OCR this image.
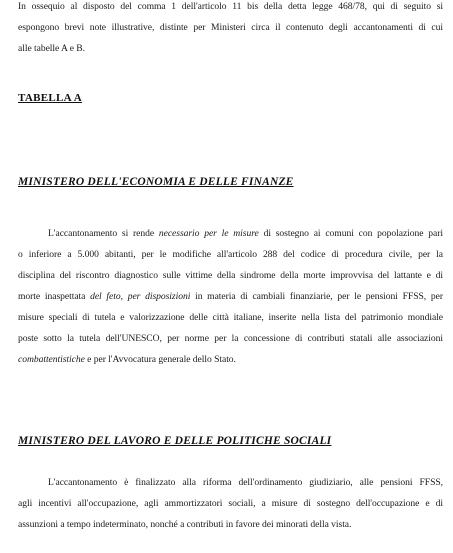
In ossequio al disposto del comma 1 dell'articolo 11 bis della detta legge 468/78, qui di seguito si
espongono brevi note illustrative, distinte per Ministeri circa il contenuto degli accantonamenti di cui
alle tabelle A e B.
TABELLA A
MINISTERO DELL'ECONOMIA E DELLE FINANZE
L'accantonamento si rende necessario per le misure di sostegno ai comuni con popolazione pari
o inferiore a 5.000 abitanti, per le modifiche all'articolo 288 del codice di procedura civile, per la
disciplina del riscontro diagnostico sulle vittime della sindrome della morte improvvisa del lattante e di
morte inaspettata del feto, per disposizioni in materia di cambiali finanziarie, per le pensioni FFSS, per
misure speciali di tutela e valorizzazione delle città italiane, inserite nella lista del patrimonio mondiale
poste sotto la tutela dell'UNESCO, per norme per la concessione di contributi statali alle associazioni
combattentistiche e per l'Avvocatura generale dello Stato.
MINISTERO DEL LAVORO E DELLE POLITICHE SOCIALI
L'accantonamento è finalizzato alla riforma dell'ordinamento giudiziario, alle pensioni FFSS,
agli incentivi all'occupazione, agli ammortizzatori sociali, a misure di sostegno dell'occupazione e di
assunzioni a tempo indeterminato, nonché a contributi in favore dei minorati della vista.
